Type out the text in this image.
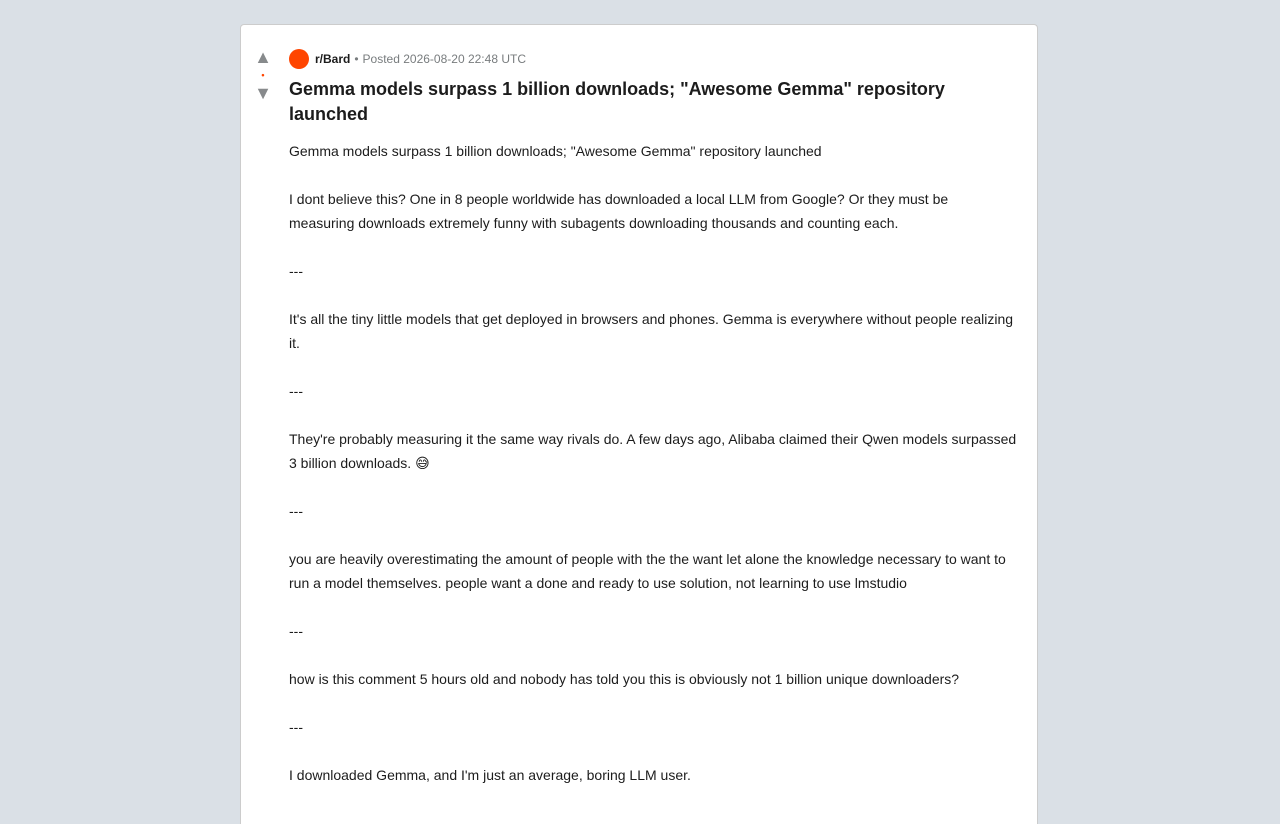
▲
•
▼
r/Bard • Posted 2026-08-20 22:48 UTC
Gemma models surpass 1 billion downloads; "Awesome Gemma" repository launched

Gemma models surpass 1 billion downloads; "Awesome Gemma" repository launched

I dont believe this? One in 8 people worldwide has downloaded a local LLM from Google? Or they must be measuring downloads extremely funny with subagents downloading thousands and counting each.

---

It's all the tiny little models that get deployed in browsers and phones. Gemma is everywhere without people realizing it.

---

They're probably measuring it the same way rivals do. A few days ago, Alibaba claimed their Qwen models surpassed 3 billion downloads. 😅

---

you are heavily overestimating the amount of people with the the want let alone the knowledge necessary to want to run a model themselves. people want a done and ready to use solution, not learning to use lmstudio

---

how is this comment 5 hours old and nobody has told you this is obviously not 1 billion unique downloaders?

---

I downloaded Gemma, and I'm just an average, boring LLM user.
